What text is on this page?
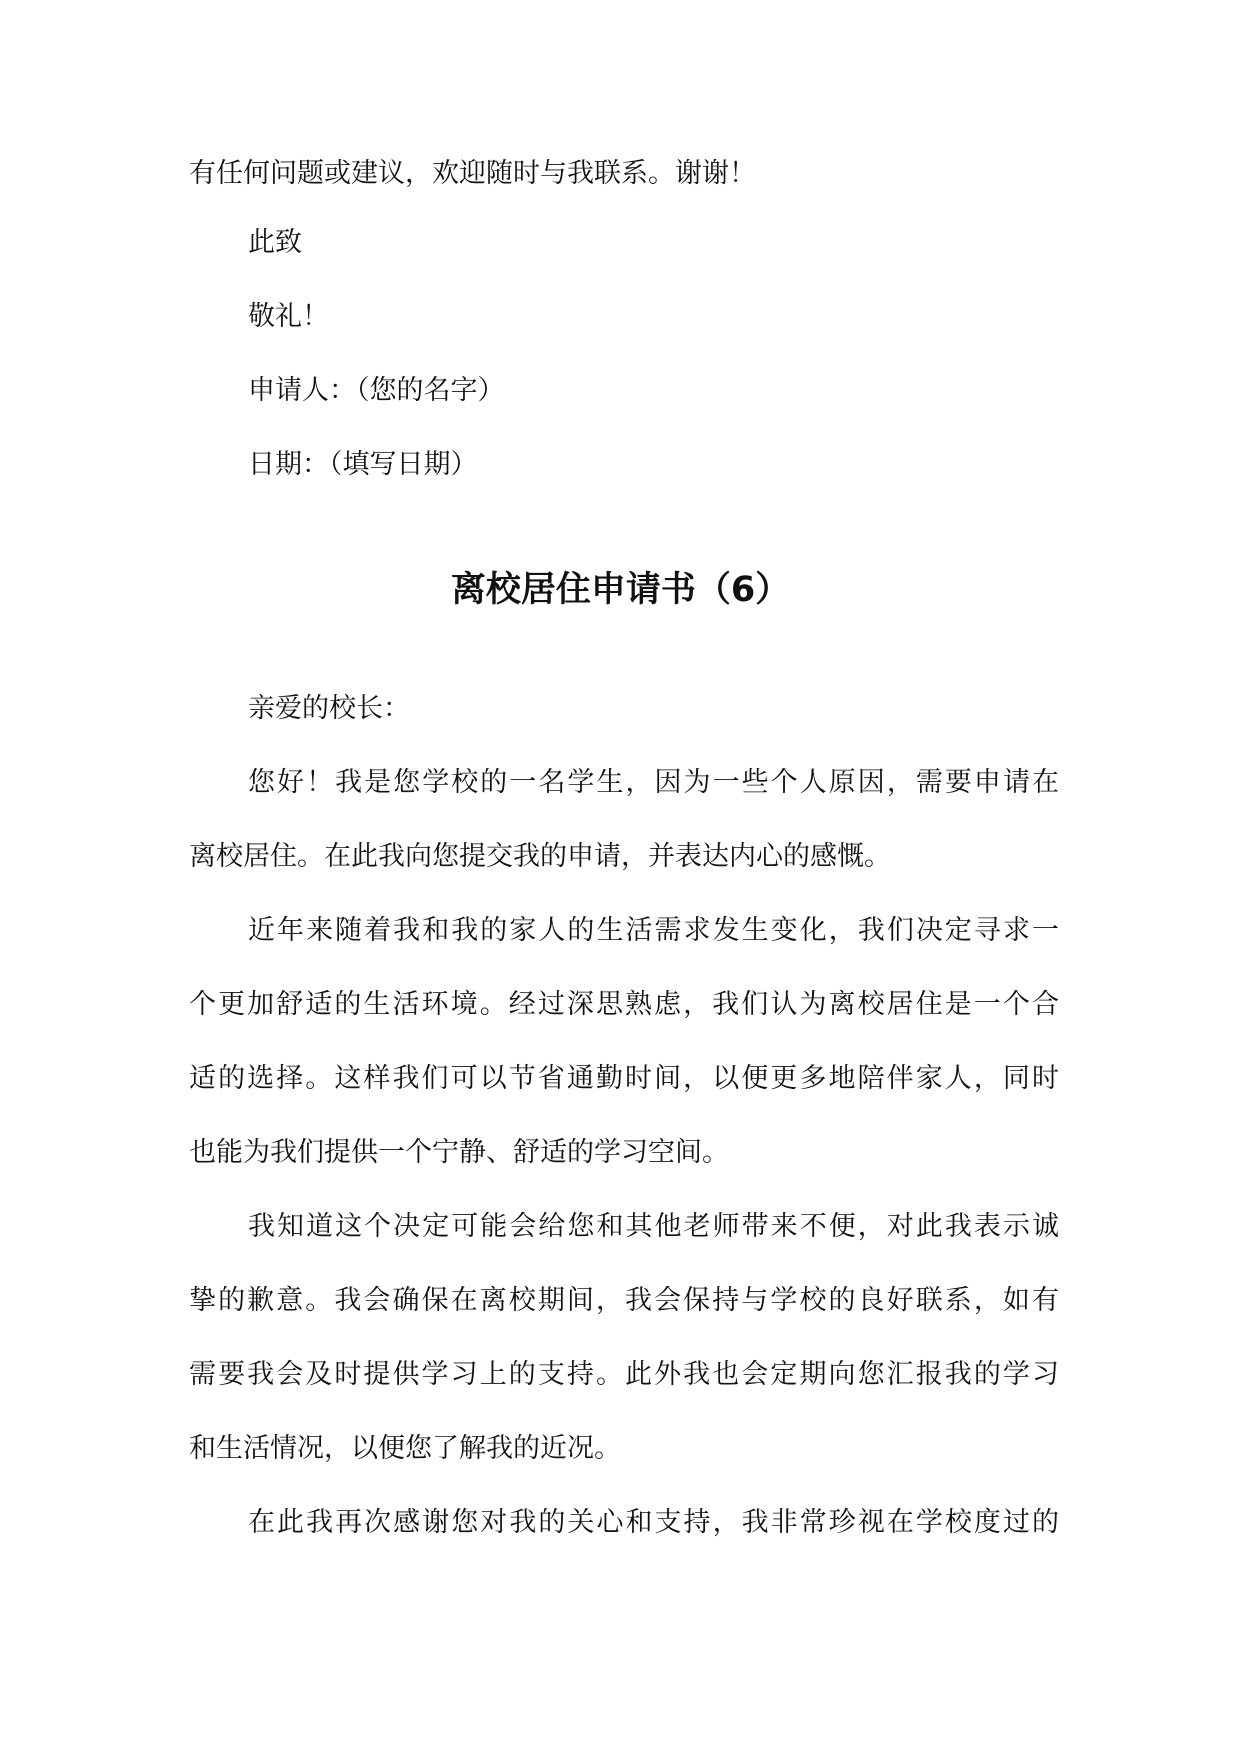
有任何问题或建议，欢迎随时与我联系。谢谢！
此致
敬礼！
申请人：（您的名字）
日期：（填写日期）
离校居住申请书（6）
亲爱的校长：
您好！我是您学校的一名学生，因为一些个人原因，需要申请在
离校居住。在此我向您提交我的申请，并表达内心的感慨。
近年来随着我和我的家人的生活需求发生变化，我们决定寻求一
个更加舒适的生活环境。经过深思熟虑，我们认为离校居住是一个合
适的选择。这样我们可以节省通勤时间，以便更多地陪伴家人，同时
也能为我们提供一个宁静、舒适的学习空间。
我知道这个决定可能会给您和其他老师带来不便，对此我表示诚
挚的歉意。我会确保在离校期间，我会保持与学校的良好联系，如有
需要我会及时提供学习上的支持。此外我也会定期向您汇报我的学习
和生活情况，以便您了解我的近况。
在此我再次感谢您对我的关心和支持，我非常珍视在学校度过的
